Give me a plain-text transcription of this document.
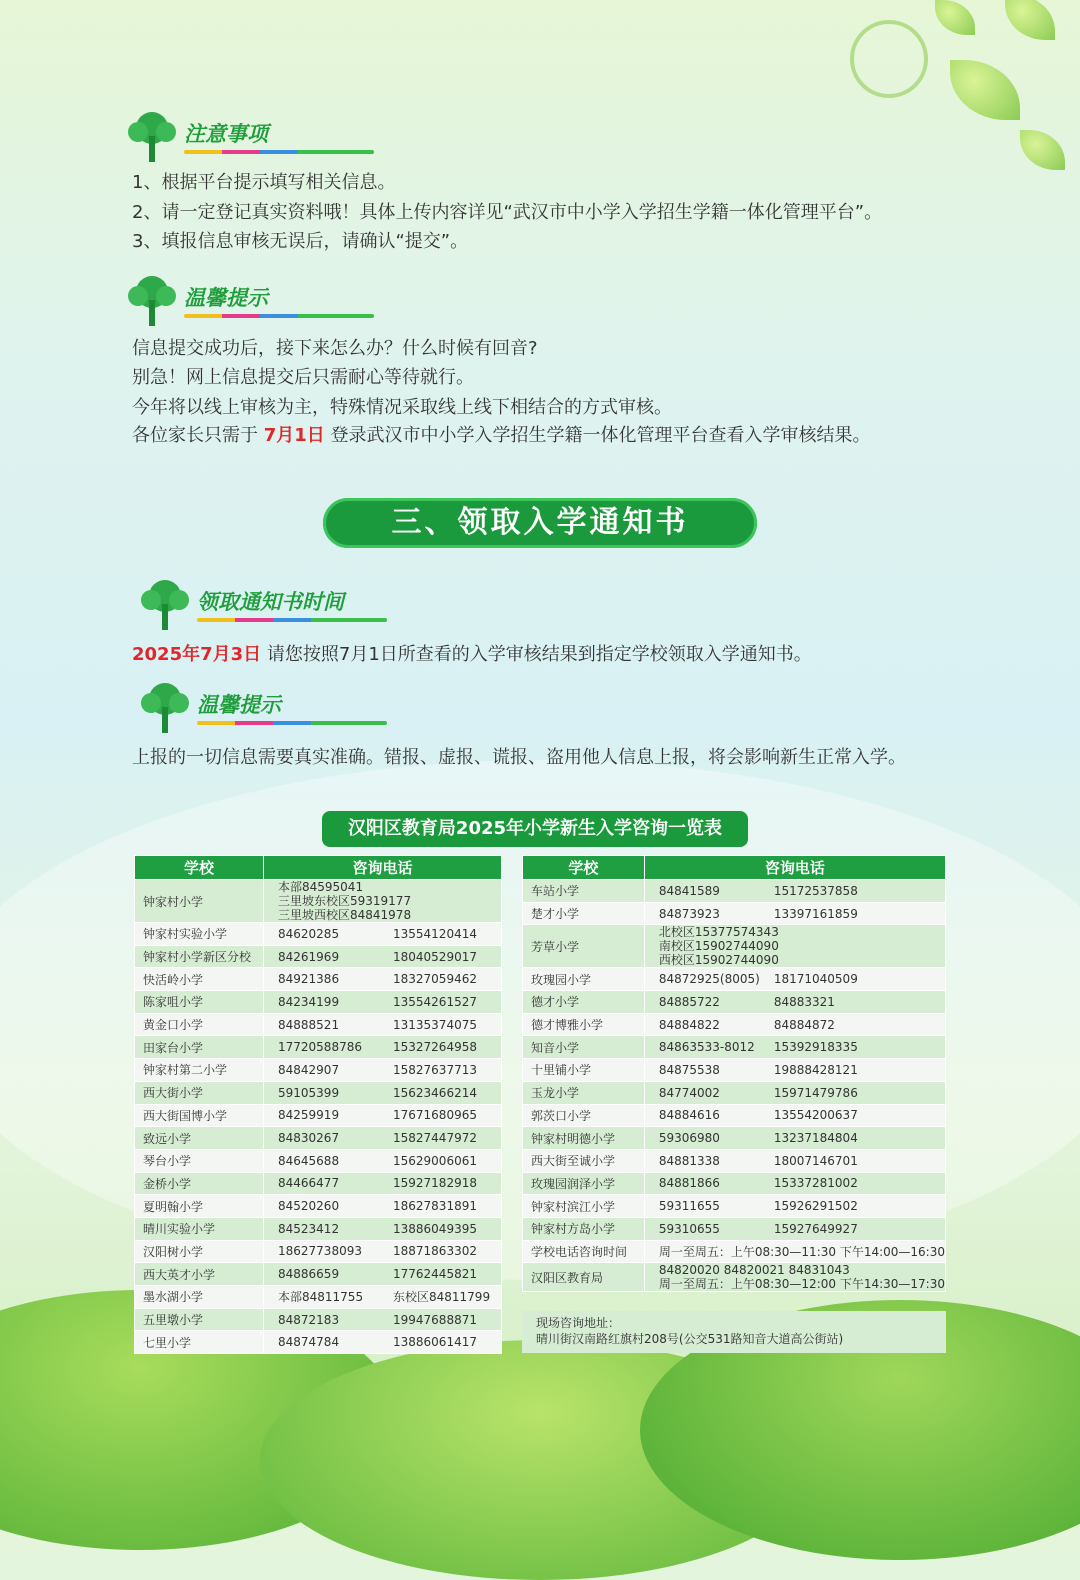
注意事项
1、根据平台提示填写相关信息。
2、请一定登记真实资料哦！具体上传内容详见“武汉市中小学入学招生学籍一体化管理平台”。
3、填报信息审核无误后，请确认“提交”。
温馨提示
信息提交成功后，接下来怎么办？什么时候有回音?
别急！网上信息提交后只需耐心等待就行。
今年将以线上审核为主，特殊情况采取线上线下相结合的方式审核。
各位家长只需于 7月1日 登录武汉市中小学入学招生学籍一体化管理平台查看入学审核结果。
三、领取入学通知书
领取通知书时间
2025年7月3日 请您按照7月1日所查看的入学审核结果到指定学校领取入学通知书。
温馨提示
上报的一切信息需要真实准确。错报、虚报、谎报、盗用他人信息上报，将会影响新生正常入学。
汉阳区教育局2025年小学新生入学咨询一览表
学校	咨询电话
钟家村小学	本部84595041
三里坡东校区59319177
三里坡西校区84841978

钟家村实验小学	84620285 13554120414
钟家村小学新区分校	84261969 18040529017
快活岭小学	84921386 18327059462
陈家咀小学	84234199 13554261527
黄金口小学	84888521 13135374075
田家台小学	17720588786 15327264958
钟家村第二小学	84842907 15827637713
西大街小学	59105399 15623466214
西大街国博小学	84259919 17671680965
致远小学	84830267 15827447972
琴台小学	84645688 15629006061
金桥小学	84466477 15927182918
夏明翰小学	84520260 18627831891
晴川实验小学	84523412 13886049395
汉阳树小学	18627738093 18871863302
西大英才小学	84886659 17762445821
墨水湖小学	本部84811755 东校区84811799
五里墩小学	84872183 19947688871
七里小学	84874784 13886061417
学校	咨询电话
车站小学	84841589 15172537858
楚才小学	84873923 13397161859
芳草小学	北校区15377574343
南校区15902744090
西校区15902744090

玫瑰园小学	84872925(8005) 18171040509
德才小学	84885722 84883321
德才博雅小学	84884822 84884872
知音小学	84863533-8012 15392918335
十里铺小学	84875538 19888428121
玉龙小学	84774002 15971479786
郭茨口小学	84884616 13554200637
钟家村明德小学	59306980 13237184804
西大街至诚小学	84881338 18007146701
玫瑰园润泽小学	84881866 15337281002
钟家村滨江小学	59311655 15926291502
钟家村方岛小学	59310655 15927649927
学校电话咨询时间	周一至周五：上午08:30—11:30 下午14:00—16:30
汉阳区教育局	84820020 84820021 84831043
周一至周五：上午08:30—12:00 下午14:30—17:30
现场咨询地址：
晴川街汉南路红旗村208号(公交531路知音大道高公街站)
